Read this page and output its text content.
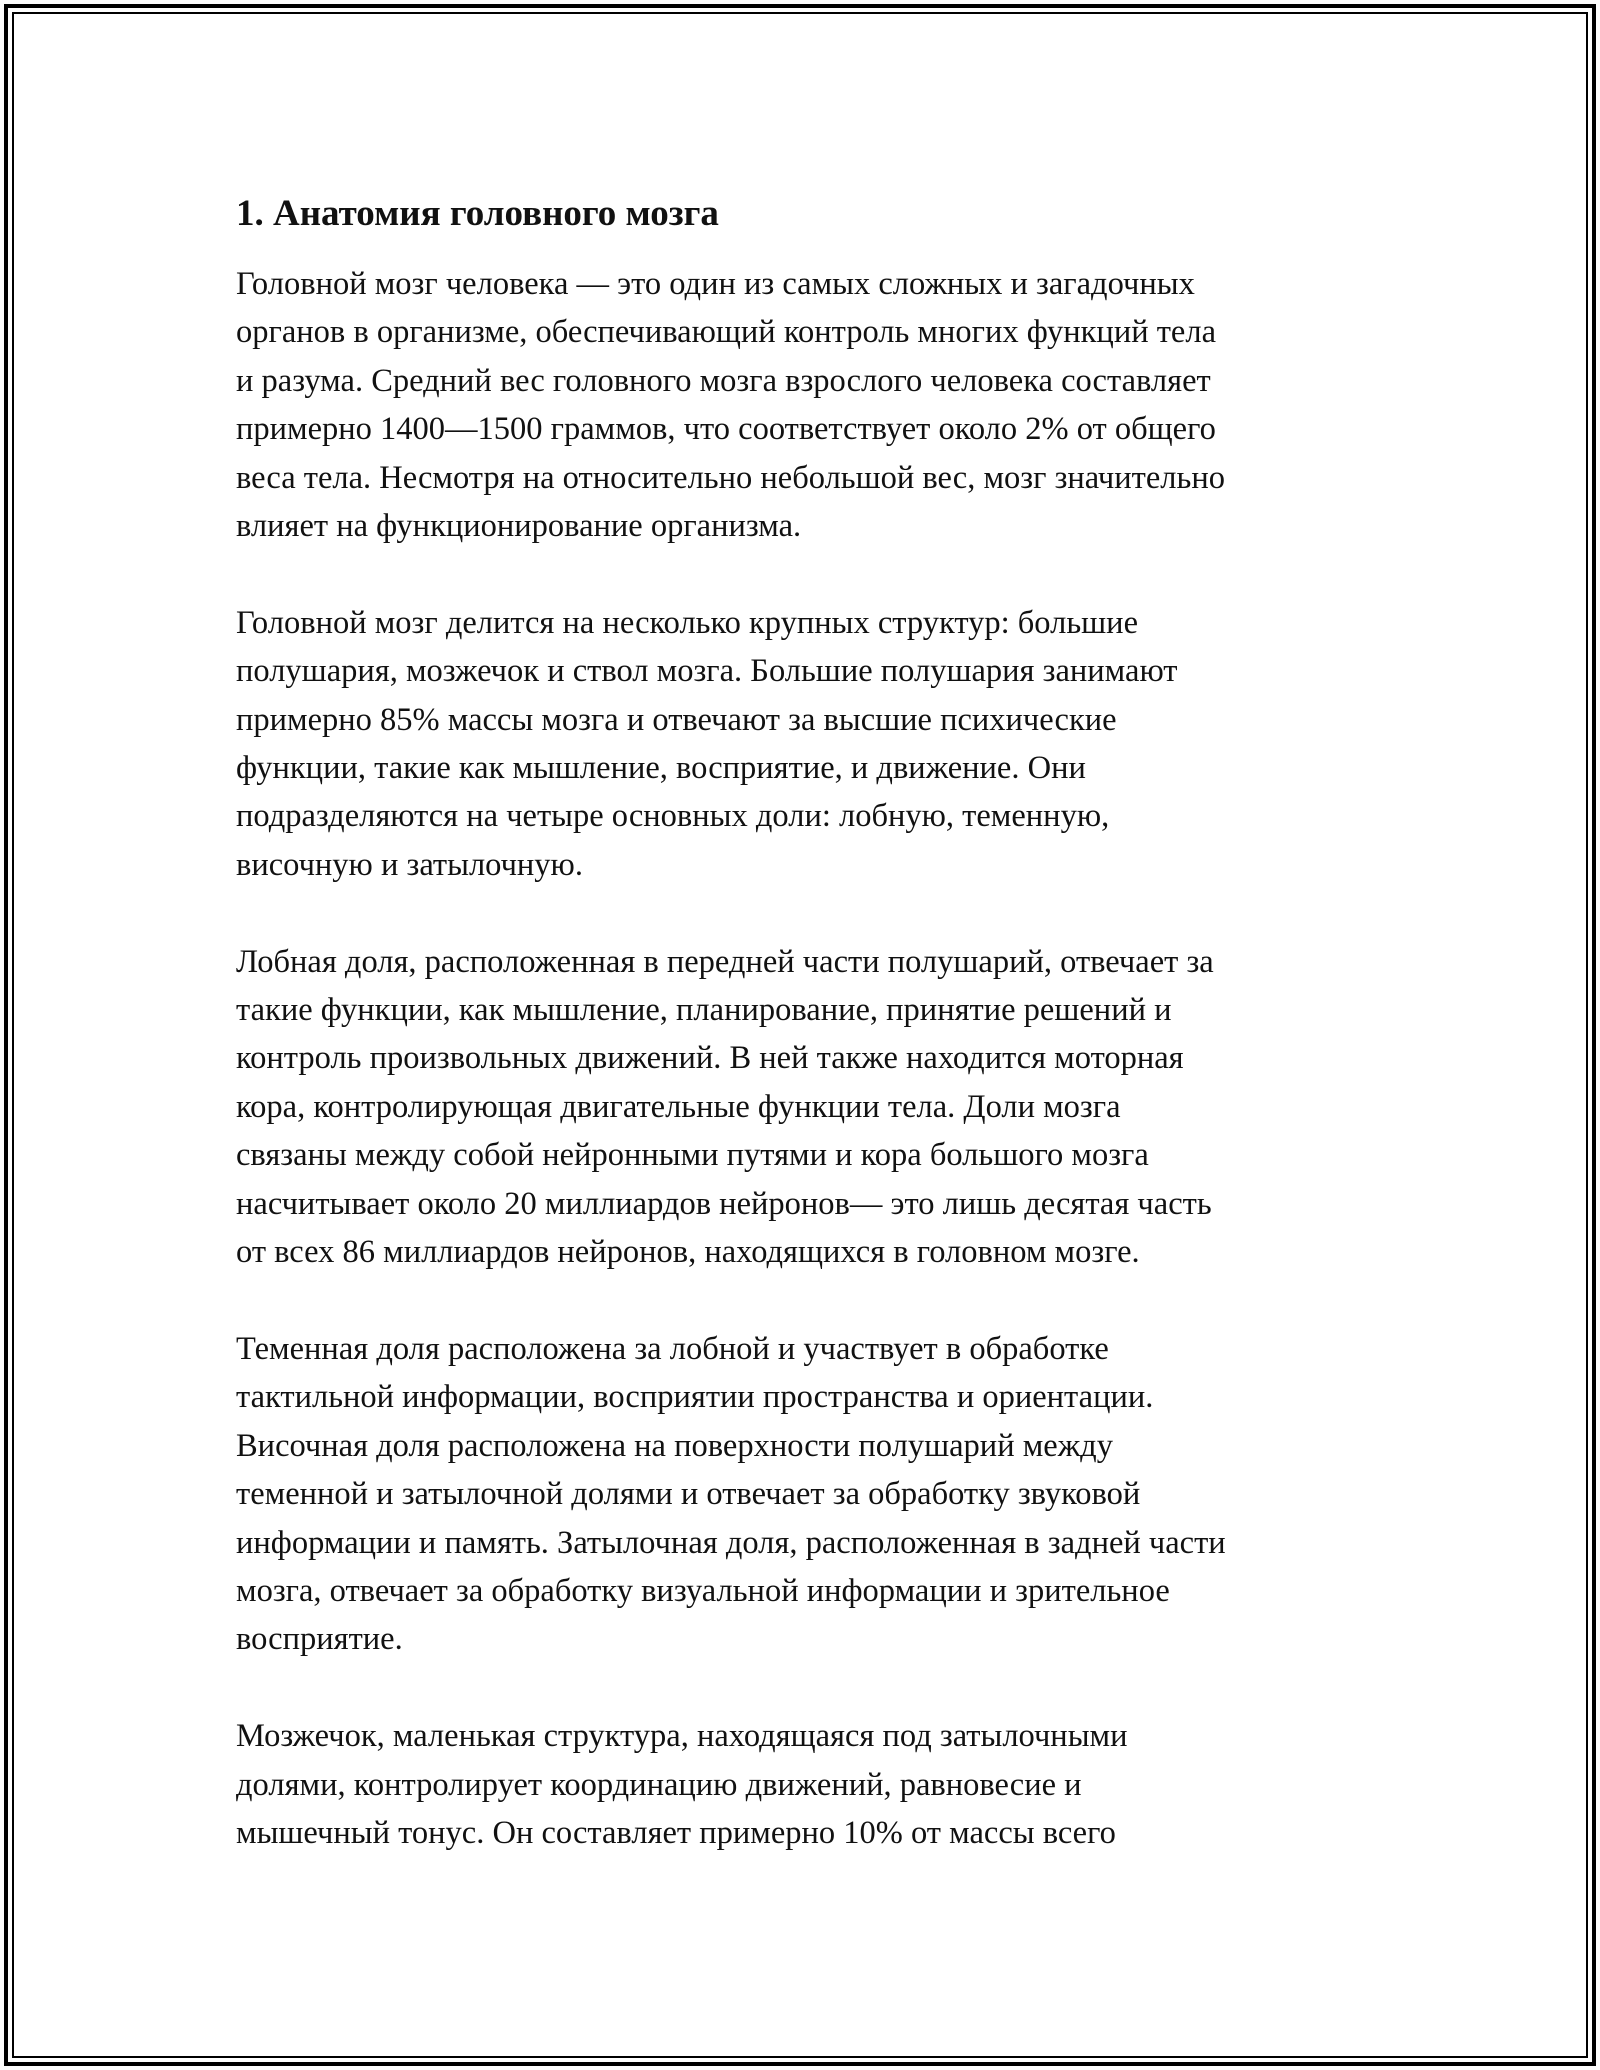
1. Анатомия головного мозга
Головной мозг человека — это один из самых сложных и загадочных
органов в организме, обеспечивающий контроль многих функций тела
и разума. Средний вес головного мозга взрослого человека составляет
примерно 1400—1500 граммов, что соответствует около 2% от общего
веса тела. Несмотря на относительно небольшой вес, мозг значительно
влияет на функционирование организма.
Головной мозг делится на несколько крупных структур: большие
полушария, мозжечок и ствол мозга. Большие полушария занимают
примерно 85% массы мозга и отвечают за высшие психические
функции, такие как мышление, восприятие, и движение. Они
подразделяются на четыре основных доли: лобную, теменную,
височную и затылочную.
Лобная доля, расположенная в передней части полушарий, отвечает за
такие функции, как мышление, планирование, принятие решений и
контроль произвольных движений. В ней также находится моторная
кора, контролирующая двигательные функции тела. Доли мозга
связаны между собой нейронными путями и кора большого мозга
насчитывает около 20 миллиардов нейронов— это лишь десятая часть
от всех 86 миллиардов нейронов, находящихся в головном мозге.
Теменная доля расположена за лобной и участвует в обработке
тактильной информации, восприятии пространства и ориентации.
Височная доля расположена на поверхности полушарий между
теменной и затылочной долями и отвечает за обработку звуковой
информации и память. Затылочная доля, расположенная в задней части
мозга, отвечает за обработку визуальной информации и зрительное
восприятие.
Мозжечок, маленькая структура, находящаяся под затылочными
долями, контролирует координацию движений, равновесие и
мышечный тонус. Он составляет примерно 10% от массы всего
